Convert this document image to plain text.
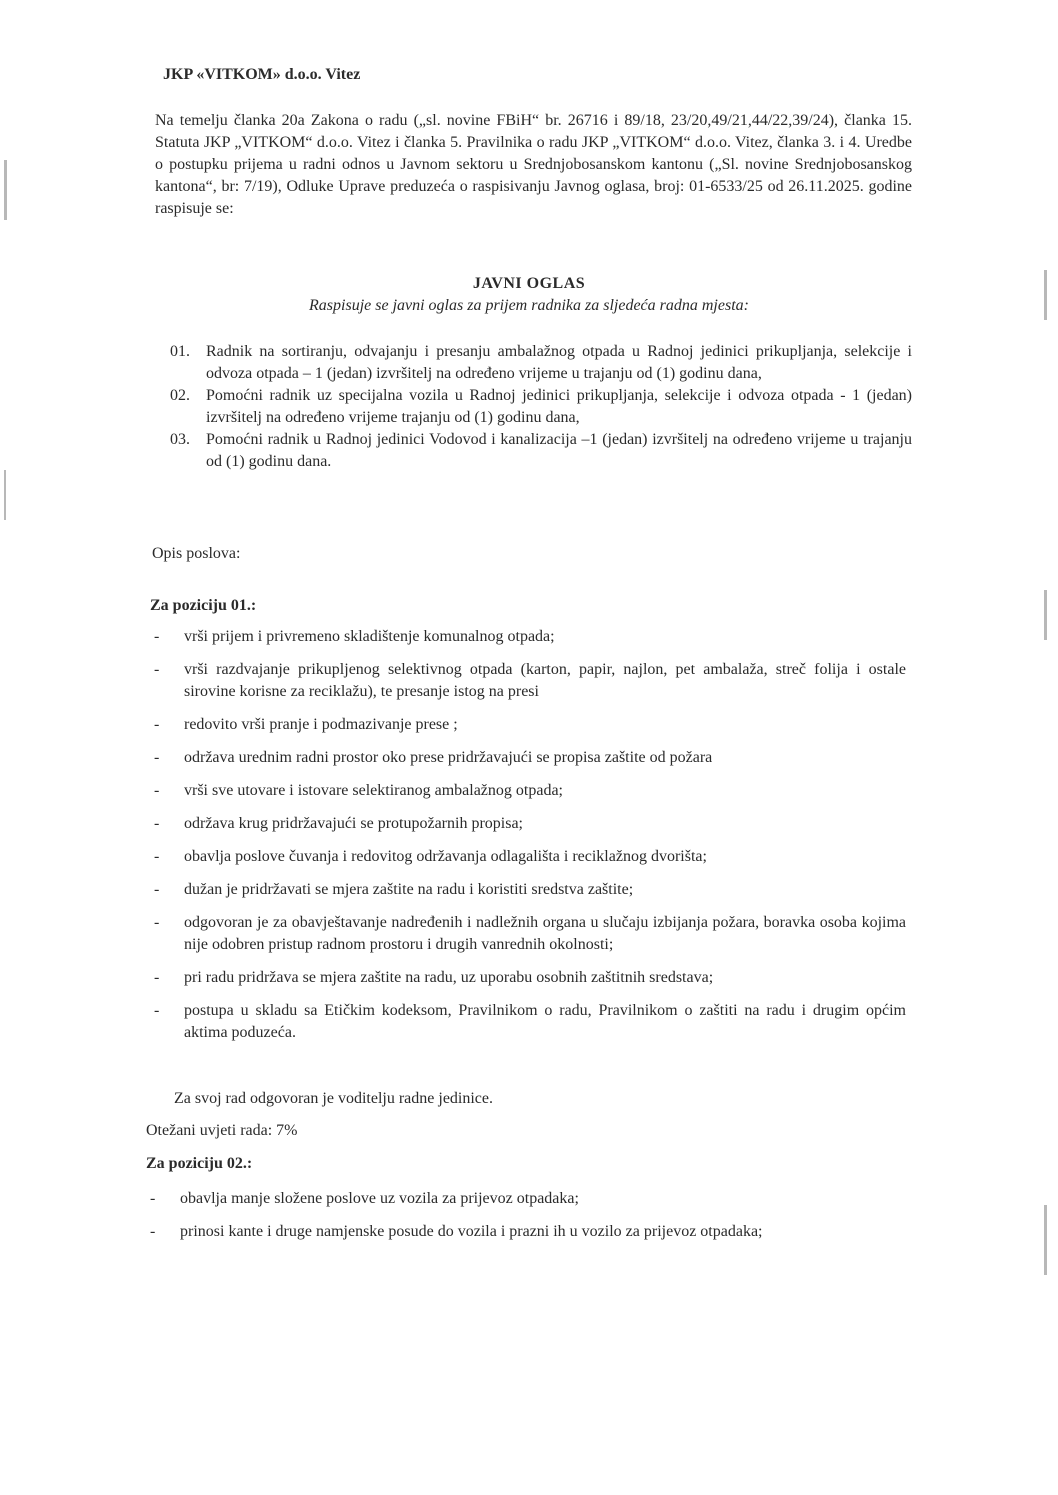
JKP «VITKOM» d.o.o. Vitez

Na temelju članka 20a Zakona o radu („sl. novine FBiH“ br. 26716 i 89/18, 23/20,49/21,44/22,39/24), članka 15. Statuta JKP „VITKOM“ d.o.o. Vitez i članka 5. Pravilnika o radu JKP „VITKOM“ d.o.o. Vitez, članka 3. i 4. Uredbe o postupku prijema u radni odnos u Javnom sektoru u Srednjobosanskom kantonu („Sl. novine Srednjobosanskog kantona“, br: 7/19), Odluke Uprave preduzeća o raspisivanju Javnog oglasa, broj: 01-6533/25 od 26.11.2025. godine raspisuje se:

JAVNI OGLAS
Raspisuje se javni oglas za prijem radnika za sljedeća radna mjesta:
01. Radnik na sortiranju, odvajanju i presanju ambalažnog otpada u Radnoj jedinici prikupljanja, selekcije i odvoza otpada – 1 (jedan) izvršitelj na određeno vrijeme u trajanju od (1) godinu dana,
02. Pomoćni radnik uz specijalna vozila u Radnoj jedinici prikupljanja, selekcije i odvoza otpada - 1 (jedan) izvršitelj na određeno vrijeme trajanju od (1) godinu dana,
03. Pomoćni radnik u Radnoj jedinici Vodovod i kanalizacija –1 (jedan) izvršitelj na određeno vrijeme u trajanju od (1) godinu dana.
Opis poslova:
Za poziciju 01.:
- vrši prijem i privremeno skladištenje komunalnog otpada;
- vrši razdvajanje prikupljenog selektivnog otpada (karton, papir, najlon, pet ambalaža, streč folija i ostale sirovine korisne za reciklažu), te presanje istog na presi
- redovito vrši pranje i podmazivanje prese ;
- održava urednim radni prostor oko prese pridržavajući se propisa zaštite od požara
- vrši sve utovare i istovare selektiranog ambalažnog otpada;
- održava krug pridržavajući se protupožarnih propisa;
- obavlja poslove čuvanja i redovitog održavanja odlagališta i reciklažnog dvorišta;
- dužan je pridržavati se mjera zaštite na radu i koristiti sredstva zaštite;
- odgovoran je za obavještavanje nadređenih i nadležnih organa u slučaju izbijanja požara, boravka osoba kojima nije odobren pristup radnom prostoru i drugih vanrednih okolnosti;
- pri radu pridržava se mjera zaštite na radu, uz uporabu osobnih zaštitnih sredstava;
- postupa u skladu sa Etičkim kodeksom, Pravilnikom o radu, Pravilnikom o zaštiti na radu i drugim općim aktima poduzeća.
Za svoj rad odgovoran je voditelju radne jedinice.
Otežani uvjeti rada: 7%
Za poziciju 02.:
- obavlja manje složene poslove uz vozila za prijevoz otpadaka;
- prinosi kante i druge namjenske posude do vozila i prazni ih u vozilo za prijevoz otpadaka;
